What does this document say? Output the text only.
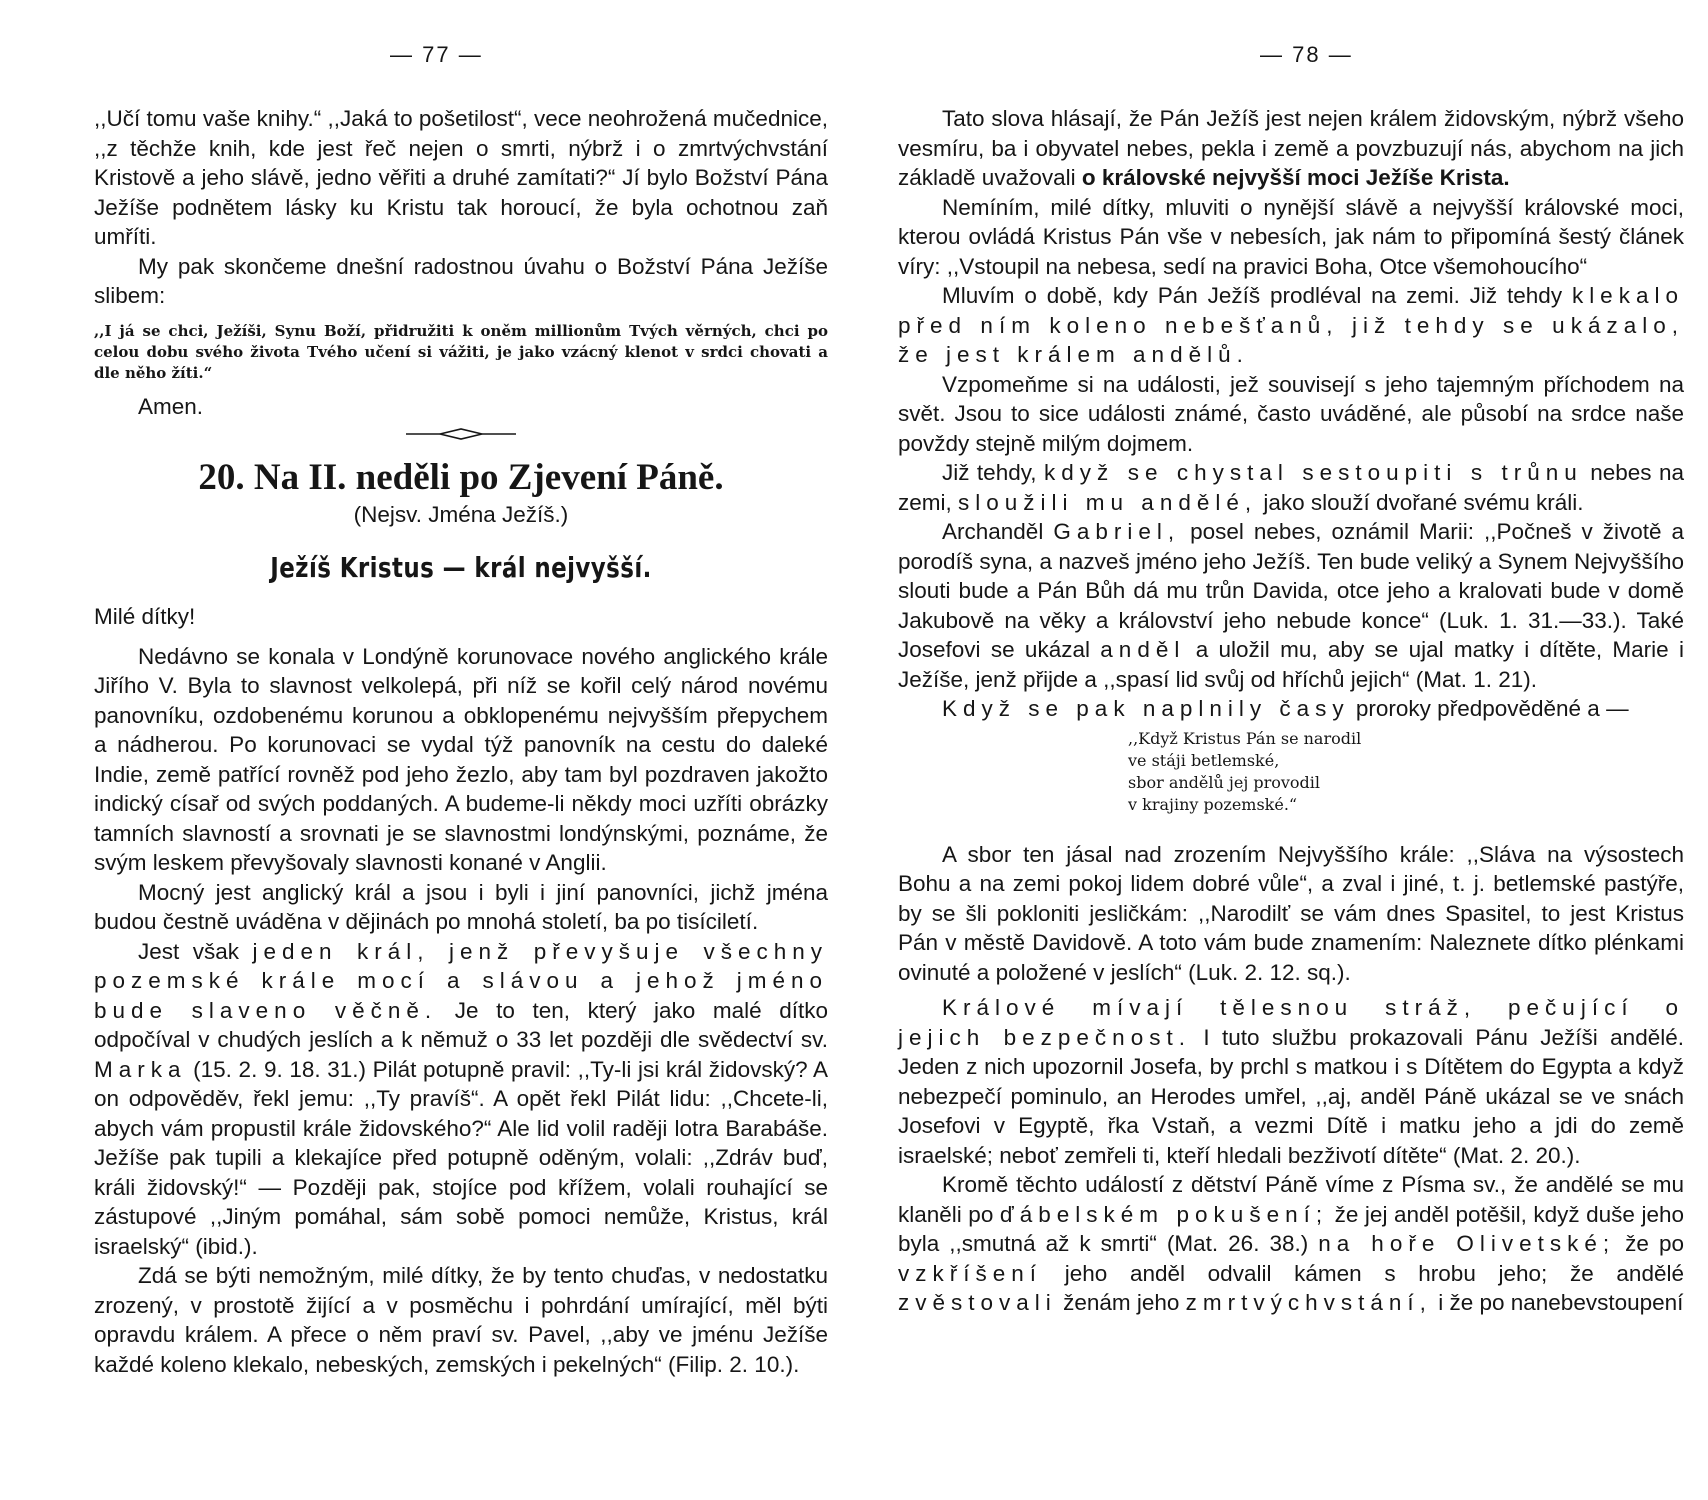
— 77 —

,,Učí tomu vaše knihy.“ ,,Jaká to pošetilost“, vece neohrožená mučednice, ,,z těchže knih, kde jest řeč nejen o smrti, nýbrž i o zmrtvýchvstání Kristově a jeho slávě, jedno věřiti a druhé zamítati?“ Jí bylo Božství Pána Ježíše podnětem lásky ku Kristu tak horoucí, že byla ochotnou zaň umříti.

My pak skončeme dnešní radostnou úvahu o Božství Pána Ježíše slibem:

,,I já se chci, Ježíši, Synu Boží, přidružiti k oněm millionům Tvých věrných, chci po celou dobu svého života Tvého učení si vážiti, je jako vzácný klenot v srdci chovati a dle něho žíti.“
Amen.
20. Na II. neděli po Zjevení Páně.
(Nejsv. Jména Ježíš.)
Ježíš Kristus — král nejvyšší.
Milé dítky!

Nedávno se konala v Londýně korunovace nového anglického krále Jiřího V. Byla to slavnost velkolepá, při níž se kořil celý národ novému panovníku, ozdobenému korunou a obklopenému nejvyšším přepychem a nádherou. Po korunovaci se vydal týž panovník na cestu do daleké Indie, země patřící rovněž pod jeho žezlo, aby tam byl pozdraven jakožto indický císař od svých poddaných. A budeme-li někdy moci uzříti obrázky tamních slavností a srovnati je se slavnostmi londýnskými, poznáme, že svým leskem převyšovaly slavnosti konané v Anglii.

Mocný jest anglický král a jsou i byli i jiní panovníci, jichž jména budou čestně uváděna v dějinách po mnohá století, ba po tisíciletí.

Jest však jeden král, jenž převyšuje všechny pozemské krále mocí a slávou a jehož jméno bude slaveno věčně. Je to ten, který jako malé dítko odpočíval v chudých jeslích a k němuž o 33 let později dle svědectví sv. Marka (15. 2. 9. 18. 31.) Pilát potupně pravil: ,,Ty-li jsi král židovský? A on odpověděv, řekl jemu: ,,Ty pravíš“. A opět řekl Pilát lidu: ,,Chcete-li, abych vám propustil krále židovského?“ Ale lid volil raději lotra Barabáše. Ježíše pak tupili a klekajíce před potupně oděným, volali: ,,Zdráv buď, králi židovský!“ — Později pak, stojíce pod křížem, volali rouhající se zástupové ,,Jiným pomáhal, sám sobě pomoci nemůže, Kristus, král israelský“ (ibid.).

Zdá se býti nemožným, milé dítky, že by tento chuďas, v nedostatku zrozený, v prostotě žijící a v posměchu i pohrdání umírající, měl býti opravdu králem. A přece o něm praví sv. Pavel, ,,aby ve jménu Ježíše každé koleno klekalo, nebeských, zemských i pekelných“ (Filip. 2. 10.).

— 78 —

Tato slova hlásají, že Pán Ježíš jest nejen králem židovským, nýbrž všeho vesmíru, ba i obyvatel nebes, pekla i země a povzbuzují nás, abychom na jich základě uvažovali o královské nejvyšší moci Ježíše Krista.

Nemíním, milé dítky, mluviti o nynější slávě a nejvyšší královské moci, kterou ovládá Kristus Pán vše v nebesích, jak nám to připomíná šestý článek víry: ,,Vstoupil na nebesa, sedí na pravici Boha, Otce všemohoucího“

Mluvím o době, kdy Pán Ježíš prodléval na zemi. Již tehdy klekalo před ním koleno nebešťanů, již tehdy se ukázalo, že jest králem andělů.

Vzpomeňme si na události, jež souvisejí s jeho tajemným příchodem na svět. Jsou to sice události známé, často uváděné, ale působí na srdce naše povždy stejně milým dojmem.

Již tehdy, když se chystal sestoupiti s trůnu nebes na zemi, sloužili mu andělé, jako slouží dvořané svému králi.

Archanděl Gabriel, posel nebes, oznámil Marii: ,,Počneš v životě a porodíš syna, a nazveš jméno jeho Ježíš. Ten bude veliký a Synem Nejvyššího slouti bude a Pán Bůh dá mu trůn Davida, otce jeho a kralovati bude v domě Jakubově na věky a království jeho nebude konce“ (Luk. 1. 31.—33.). Také Josefovi se ukázal anděl a uložil mu, aby se ujal matky i dítěte, Marie i Ježíše, jenž přijde a ,,spasí lid svůj od hříchů jejich“ (Mat. 1. 21).

Když se pak naplnily časy proroky předpověděné a —

,,Když Kristus Pán se narodil
ve stáji betlemské,
sbor andělů jej provodil
v krajiny pozemské.“

A sbor ten jásal nad zrozením Nejvyššího krále: ,,Sláva na výsostech Bohu a na zemi pokoj lidem dobré vůle“, a zval i jiné, t. j. betlemské pastýře, by se šli pokloniti jesličkám: ,,Narodilť se vám dnes Spasitel, to jest Kristus Pán v městě Davidově. A toto vám bude znamením: Naleznete dítko plénkami ovinuté a položené v jeslích“ (Luk. 2. 12. sq.).

Králové mívají tělesnou stráž, pečující o jejich bezpečnost. I tuto službu prokazovali Pánu Ježíši andělé. Jeden z nich upozornil Josefa, by prchl s matkou i s Dítětem do Egypta a když nebezpečí pominulo, an Herodes umřel, ,,aj, anděl Páně ukázal se ve snách Josefovi v Egyptě, řka Vstaň, a vezmi Dítě i matku jeho a jdi do země israelské; neboť zemřeli ti, kteří hledali bezživotí dítěte“ (Mat. 2. 20.).

Kromě těchto událostí z dětství Páně víme z Písma sv., že andělé se mu klaněli po ďábelském pokušení; že jej anděl potěšil, když duše jeho byla ,,smutná až k smrti“ (Mat. 26. 38.) na hoře Olivetské; že po vzkříšení jeho anděl odvalil kámen s hrobu jeho; že andělé zvěstovali ženám jeho zmrtvýchvstání, i že po nanebevstoupení
